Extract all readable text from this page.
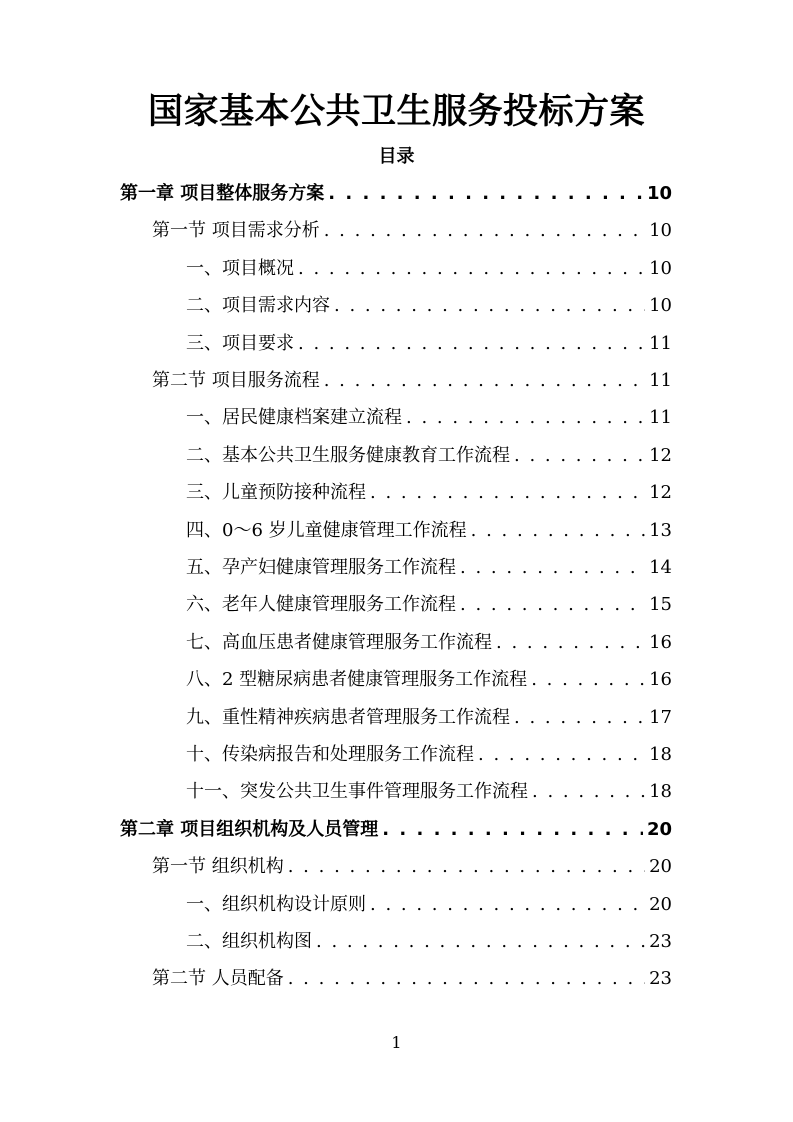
国家基本公共卫生服务投标方案
目录
第一章 项目整体服务方案 . . .	10
第一节 项目需求分析 . . .	10
一、项目概况 . . .	10
二、项目需求内容 . . .	10
三、项目要求 . . .	11
第二节 项目服务流程 . . .	11
一、居民健康档案建立流程 . . .	11
二、基本公共卫生服务健康教育工作流程 . . .	12
三、儿童预防接种流程 . . .	12
四、0～6 岁儿童健康管理工作流程 . . .	13
五、孕产妇健康管理服务工作流程 . . .	14
六、老年人健康管理服务工作流程 . . .	15
七、高血压患者健康管理服务工作流程 . . .	16
八、2 型糖尿病患者健康管理服务工作流程 . . .	16
九、重性精神疾病患者管理服务工作流程 . . .	17
十、传染病报告和处理服务工作流程 . . .	18
十一、突发公共卫生事件管理服务工作流程 . . .	18
第二章 项目组织机构及人员管理 . . .	20
第一节 组织机构 . . .	20
一、组织机构设计原则 . . .	20
二、组织机构图 . . .	23
第二节 人员配备 . . .	23
1
